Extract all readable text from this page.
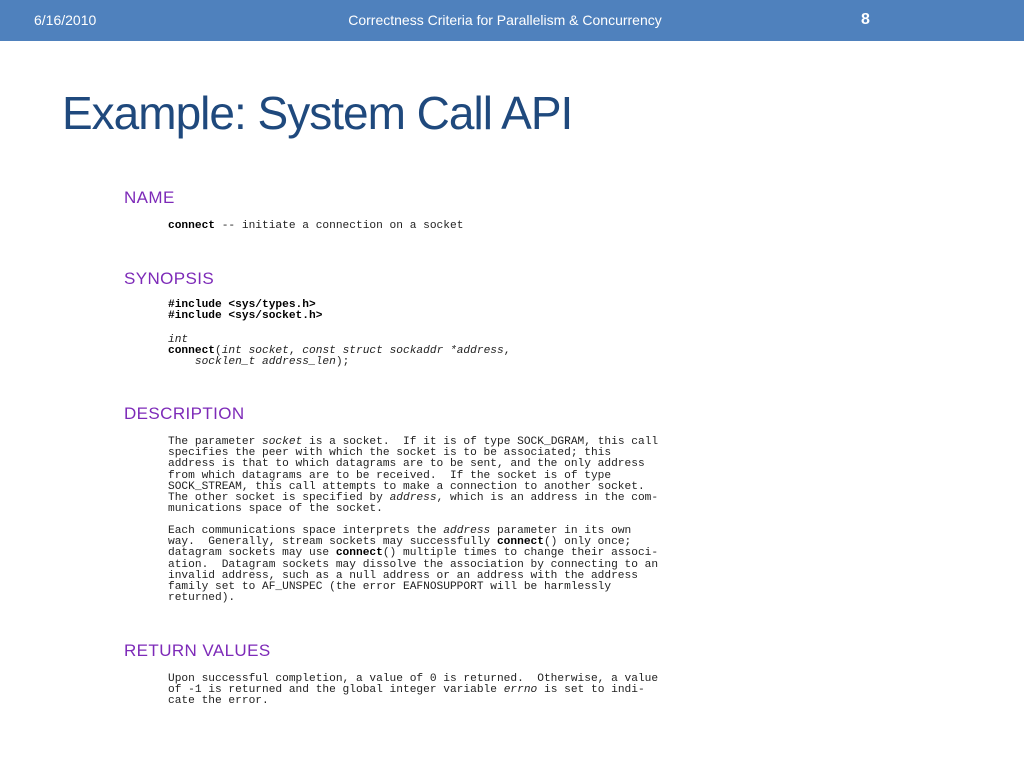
6/16/2010	Correctness Criteria for Parallelism & Concurrency	8
Example: System Call API
NAME
connect -- initiate a connection on a socket
SYNOPSIS
#include <sys/types.h>
#include <sys/socket.h>
int
connect(int socket, const struct sockaddr *address,
socklen_t address_len);
DESCRIPTION
The parameter socket is a socket.  If it is of type SOCK_DGRAM, this call
specifies the peer with which the socket is to be associated; this
address is that to which datagrams are to be sent, and the only address
from which datagrams are to be received.  If the socket is of type
SOCK_STREAM, this call attempts to make a connection to another socket.
The other socket is specified by address, which is an address in the com-
munications space of the socket.
Each communications space interprets the address parameter in its own
way.  Generally, stream sockets may successfully connect() only once;
datagram sockets may use connect() multiple times to change their associ-
ation.  Datagram sockets may dissolve the association by connecting to an
invalid address, such as a null address or an address with the address
family set to AF_UNSPEC (the error EAFNOSUPPORT will be harmlessly
returned).
RETURN VALUES
Upon successful completion, a value of 0 is returned.  Otherwise, a value
of -1 is returned and the global integer variable errno is set to indi-
cate the error.
